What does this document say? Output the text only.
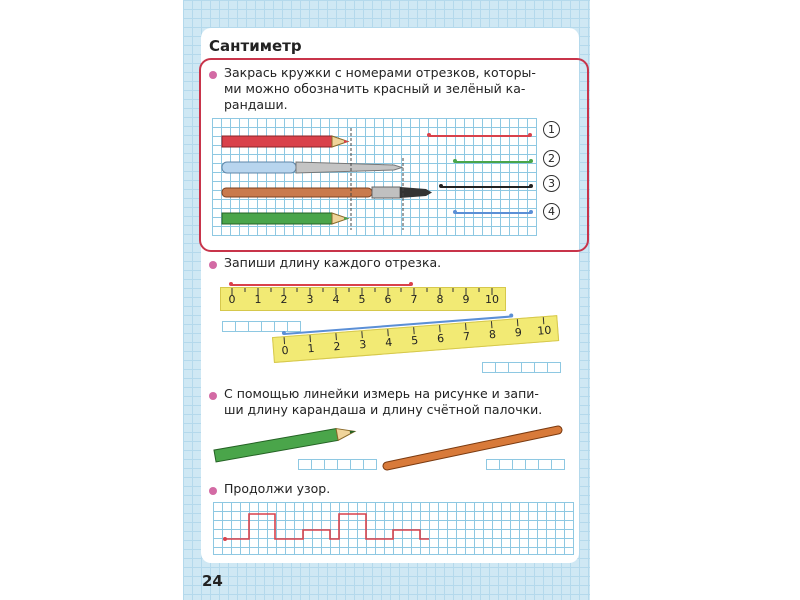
Сантиметр
Закрась кружки с номерами отрезков, которы-
ми можно обозначить красный и зелёный ка-
рандаши.
1
2
3
4
Запиши длину каждого отрезка.
0 1 2 3 4 5 6 7 8 9 10
0 1 2 3 4 5 6 7 8 9 10
С помощью линейки измерь на рисунке и запи-
ши длину карандаша и длину счётной палочки.
Продолжи узор.
24
